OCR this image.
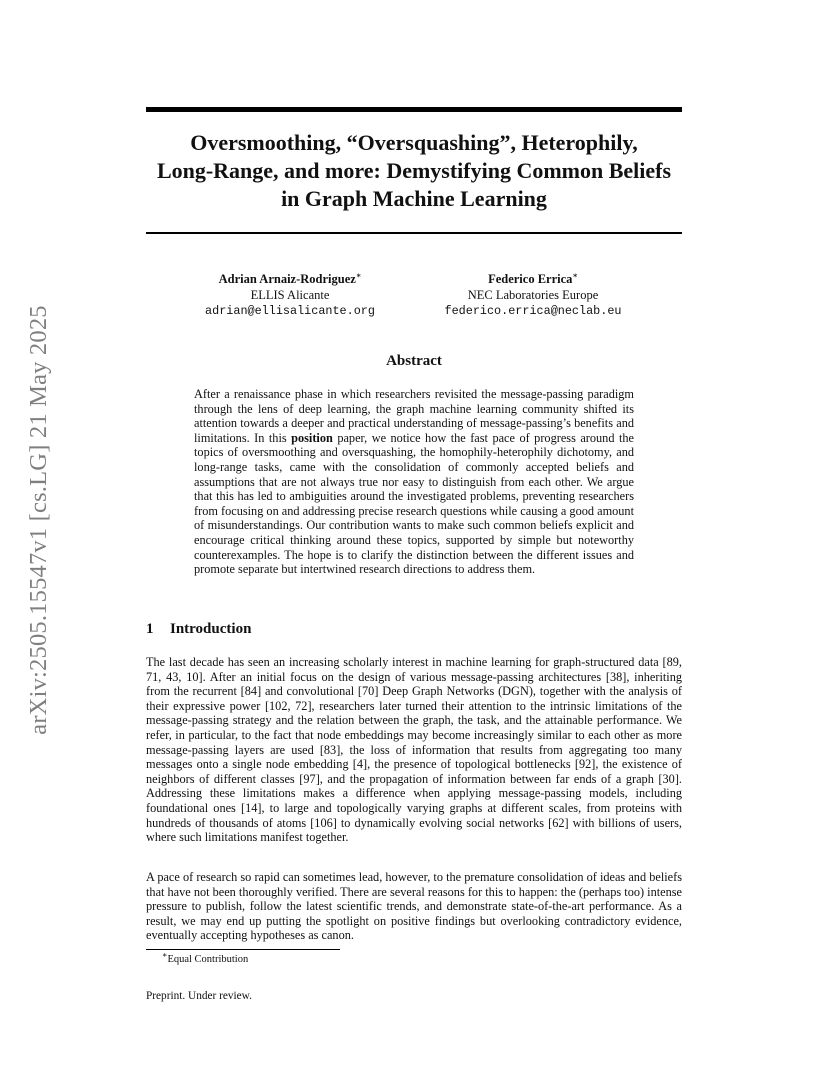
arXiv:2505.15547v1 [cs.LG] 21 May 2025

Oversmoothing, “Oversquashing”, Heterophily,
Long-Range, and more: Demystifying Common Beliefs
in Graph Machine Learning
Adrian Arnaiz-Rodriguez∗
ELLIS Alicante
adrian@ellisalicante.org
Federico Errica∗
NEC Laboratories Europe
federico.errica@neclab.eu
Abstract

After a renaissance phase in which researchers revisited the message-passing paradigm through the lens of deep learning, the graph machine learning community shifted its attention towards a deeper and practical understanding of message-passing’s benefits and limitations. In this position paper, we notice how the fast pace of progress around the topics of oversmoothing and oversquashing, the homophily-heterophily dichotomy, and long-range tasks, came with the consolidation of commonly accepted beliefs and assumptions that are not always true nor easy to distinguish from each other. We argue that this has led to ambiguities around the investigated problems, preventing researchers from focusing on and addressing precise research questions while causing a good amount of misunderstandings. Our contribution wants to make such common beliefs explicit and encourage critical thinking around these topics, supported by simple but noteworthy counterexamples. The hope is to clarify the distinction between the different issues and promote separate but intertwined research directions to address them.

1 Introduction

The last decade has seen an increasing scholarly interest in machine learning for graph-structured data [89, 71, 43, 10]. After an initial focus on the design of various message-passing architectures [38], inheriting from the recurrent [84] and convolutional [70] Deep Graph Networks (DGN), together with the analysis of their expressive power [102, 72], researchers later turned their attention to the intrinsic limitations of the message-passing strategy and the relation between the graph, the task, and the attainable performance. We refer, in particular, to the fact that node embeddings may become increasingly similar to each other as more message-passing layers are used [83], the loss of information that results from aggregating too many messages onto a single node embedding [4], the presence of topological bottlenecks [92], the existence of neighbors of different classes [97], and the propagation of information between far ends of a graph [30]. Addressing these limitations makes a difference when applying message-passing models, including foundational ones [14], to large and topologically varying graphs at different scales, from proteins with hundreds of thousands of atoms [106] to dynamically evolving social networks [62] with billions of users, where such limitations manifest together.

A pace of research so rapid can sometimes lead, however, to the premature consolidation of ideas and beliefs that have not been thoroughly verified. There are several reasons for this to happen: the (perhaps too) intense pressure to publish, follow the latest scientific trends, and demonstrate state-of-the-art performance. As a result, we may end up putting the spotlight on positive findings but overlooking contradictory evidence, eventually accepting hypotheses as canon.

∗Equal Contribution

Preprint. Under review.
